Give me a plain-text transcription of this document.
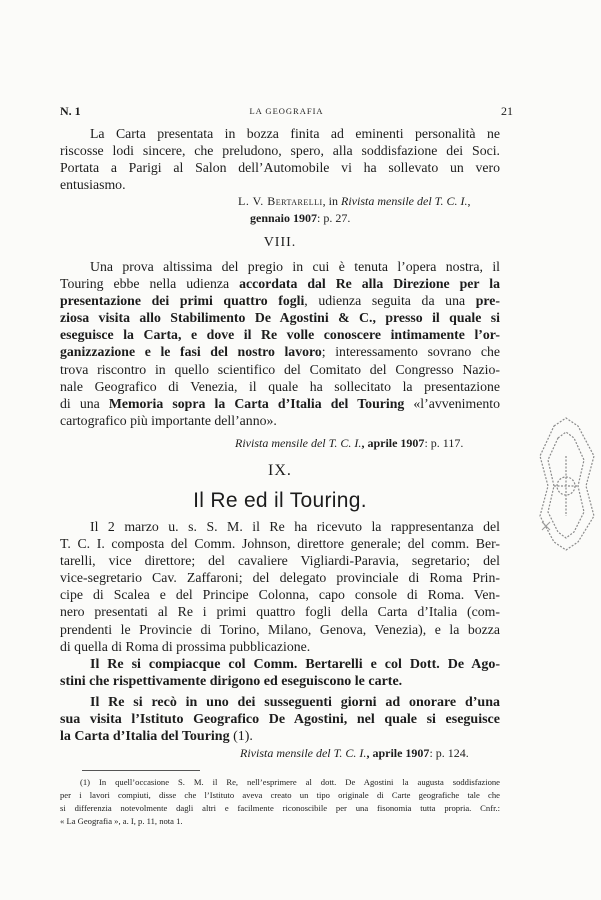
N. 1	LA GEOGRAFIA	21
La Carta presentata in bozza finita ad eminenti personalità ne
riscosse lodi sincere, che preludono, spero, alla soddisfazione dei Soci.
Portata a Parigi al Salon dell’Automobile vi ha sollevato un vero
entusiasmo.
L. V. Bertarelli, in Rivista mensile del T. C. I.,
gennaio 1907: p. 27.
VIII.
Una prova altissima del pregio in cui è tenuta l’opera nostra, il
Touring ebbe nella udienza accordata dal Re alla Direzione per la
presentazione dei primi quattro fogli, udienza seguita da una pre-
ziosa visita allo Stabilimento De Agostini & C., presso il quale si
eseguisce la Carta, e dove il Re volle conoscere intimamente l’or-
ganizzazione e le fasi del nostro lavoro; interessamento sovrano che
trova riscontro in quello scientifico del Comitato del Congresso Nazio-
nale Geografico di Venezia, il quale ha sollecitato la presentazione
di una Memoria sopra la Carta d’Italia del Touring «l’avvenimento
cartografico più importante dell’anno».
Rivista mensile del T. C. I., aprile 1907: p. 117.
IX.
Il Re ed il Touring.
Il 2 marzo u. s. S. M. il Re ha ricevuto la rappresentanza del
T. C. I. composta del Comm. Johnson, direttore generale; del comm. Ber-
tarelli, vice direttore; del cavaliere Vigliardi-Paravia, segretario; del
vice-segretario Cav. Zaffaroni; del delegato provinciale di Roma Prin-
cipe di Scalea e del Principe Colonna, capo console di Roma. Ven-
nero presentati al Re i primi quattro fogli della Carta d’Italia (com-
prendenti le Provincie di Torino, Milano, Genova, Venezia), e la bozza
di quella di Roma di prossima pubblicazione.
Il Re si compiacque col Comm. Bertarelli e col Dott. De Ago-
stini che rispettivamente dirigono ed eseguiscono le carte.
Il Re si recò in uno dei susseguenti giorni ad onorare d’una
sua visita l’Istituto Geografico De Agostini, nel quale si eseguisce
la Carta d’Italia del Touring (1).
Rivista mensile del T. C. I., aprile 1907: p. 124.
(1) In quell’occasione S. M. il Re, nell’esprimere al dott. De Agostini la augusta soddisfazione
per i lavori compiuti, disse che l’Istituto aveva creato un tipo originale di Carte geografiche tale che
si differenzia notevolmente dagli altri e facilmente riconoscibile per una fisonomia tutta propria. Cnfr.:
« La Geografia », a. I, p. 11, nota 1.
